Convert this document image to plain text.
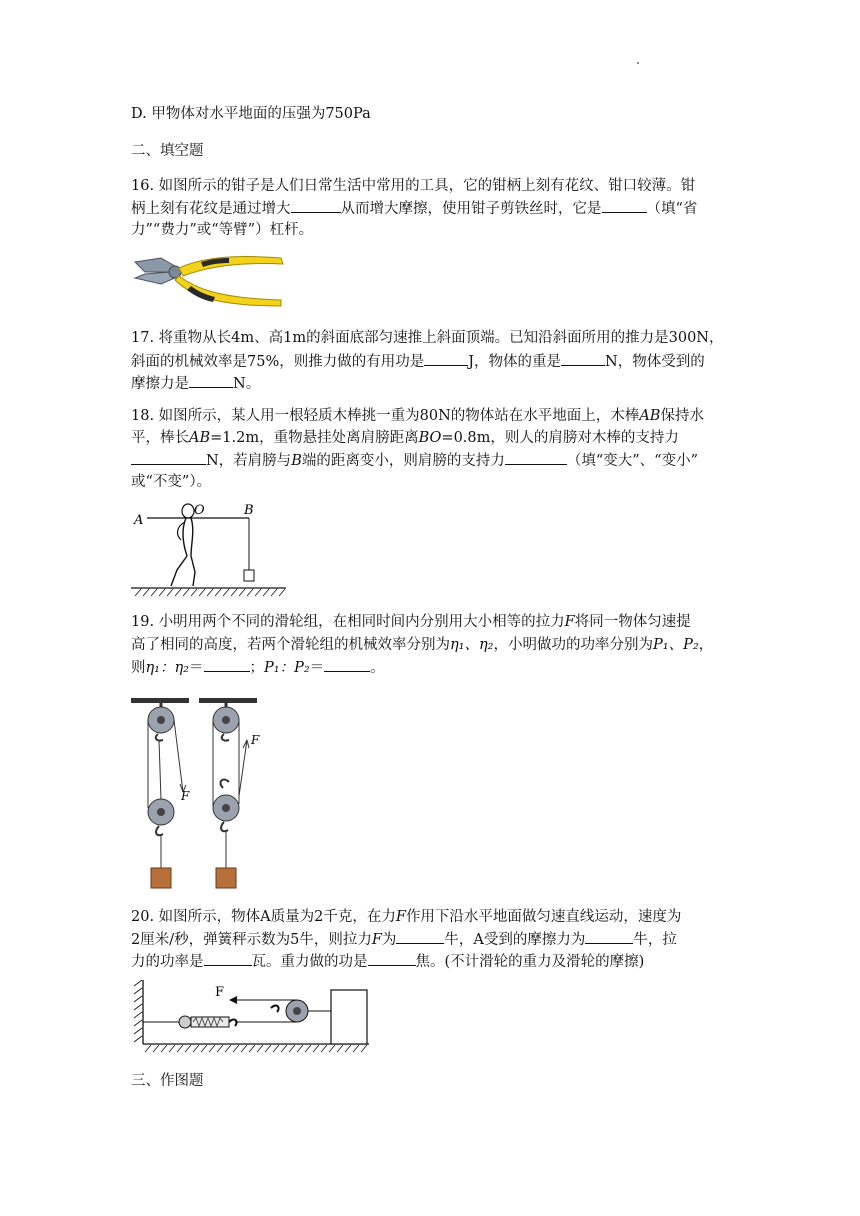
D. 甲物体对水平地面的压强为750Pa
二、填空题
16. 如图所示的钳子是人们日常生活中常用的工具，它的钳柄上刻有花纹、钳口较薄。钳
柄上刻有花纹是通过增大	从而增大摩擦，使用钳子剪铁丝时，它是	（填“省
力”“费力”或“等臂”）杠杆。
17. 将重物从长4m、高1m的斜面底部匀速推上斜面顶端。已知沿斜面所用的推力是300N，
斜面的机械效率是75%，则推力做的有用功是	J，物体的重是	N，物体受到的
摩擦力是	N。
18. 如图所示，某人用一根轻质木棒挑一重为80N的物体站在水平地面上，木棒AB保持水
平，棒长AB=1.2m，重物悬挂处离肩膀距离BO=0.8m，则人的肩膀对木棒的支持力
N，若肩膀与B端的距离变小，则肩膀的支持力	（填“变大”、“变小”
或“不变”）。
A
O	B
19. 小明用两个不同的滑轮组，在相同时间内分别用大小相等的拉力F将同一物体匀速提
高了相同的高度，若两个滑轮组的机械效率分别为η₁、η₂，小明做功的功率分别为P₁、P₂，
则η₁：η₂＝	；P₁：P₂＝	。
F
F
20. 如图所示，物体A质量为2千克，在力F作用下沿水平地面做匀速直线运动，速度为
2厘米/秒，弹簧秤示数为5牛，则拉力F为	牛，A受到的摩擦力为	牛，拉
力的功率是	瓦。重力做的功是	焦。(不计滑轮的重力及滑轮的摩擦)
F
三、作图题
